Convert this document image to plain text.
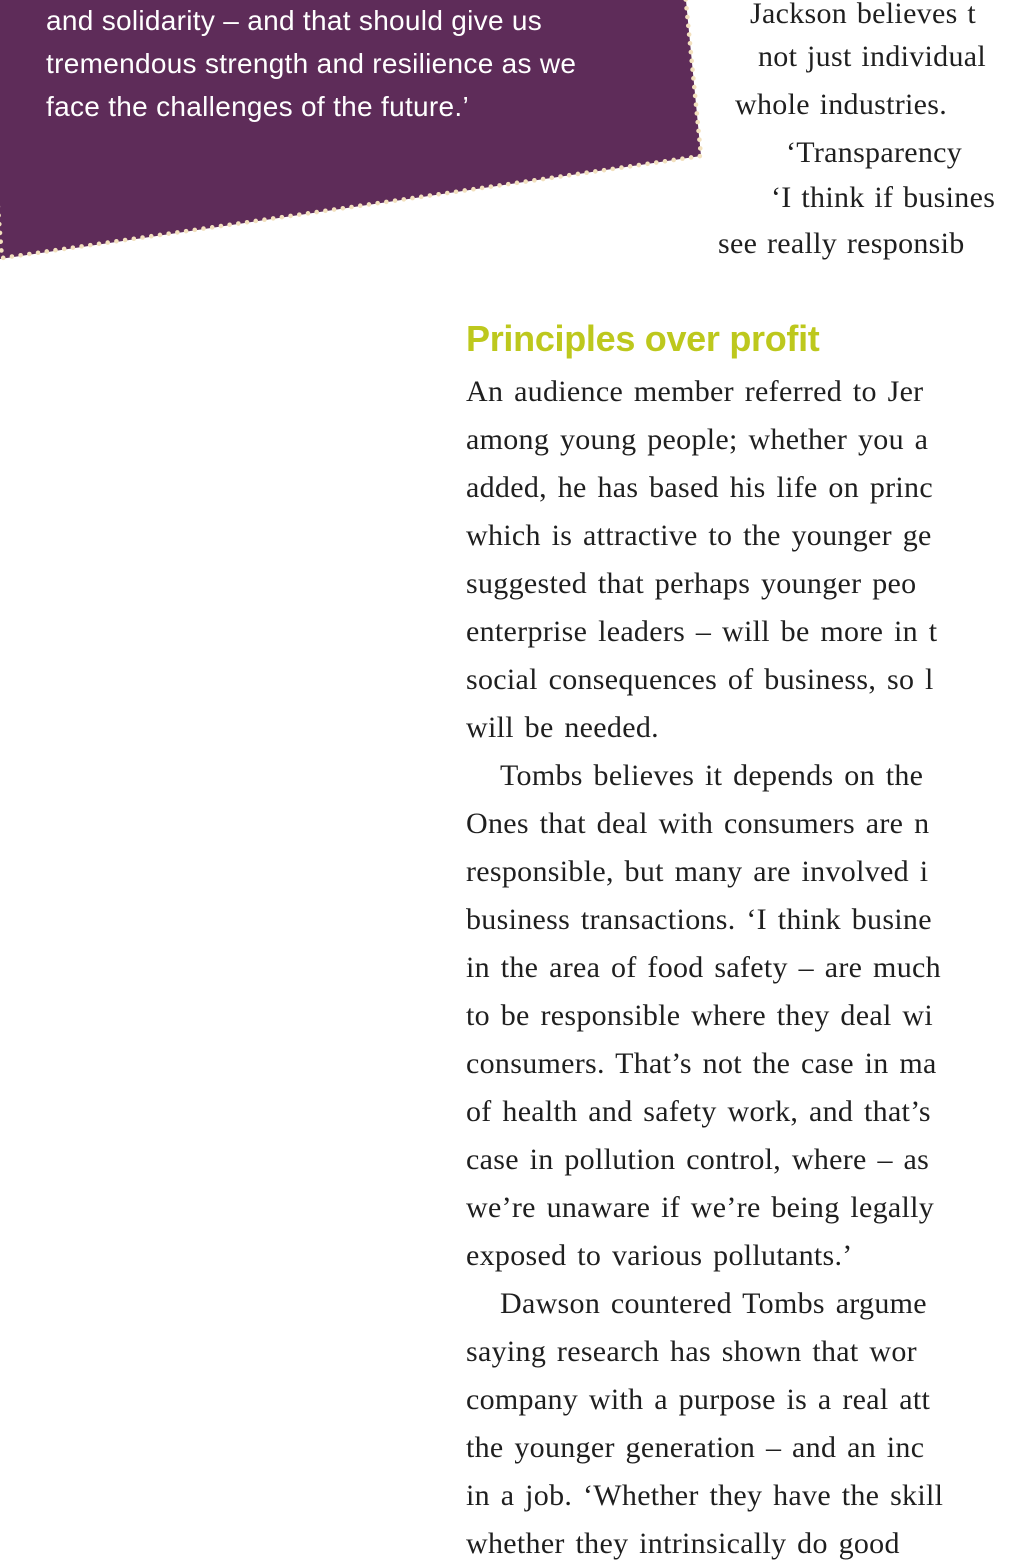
and solidarity – and that should give us
tremendous strength and resilience as we
face the challenges of the future.’
Jackson believes t
not just individual
whole industries.
‘Transparency
‘I think if busines
see really responsib
Principles over profit
An audience member referred to Jer
among young people; whether you a
added, he has based his life on princ
which is attractive to the younger ge
suggested that perhaps younger peo
enterprise leaders – will be more in t
social consequences of business, so l
will be needed.
Tombs believes it depends on the
Ones that deal with consumers are n
responsible, but many are involved i
business transactions. ‘I think busine
in the area of food safety – are much
to be responsible where they deal wi
consumers. That’s not the case in ma
of health and safety work, and that’s
case in pollution control, where – as
we’re unaware if we’re being legally
exposed to various pollutants.’
Dawson countered Tombs argume
saying research has shown that wor
company with a purpose is a real att
the younger generation – and an inc
in a job. ‘Whether they have the skill
whether they intrinsically do good
